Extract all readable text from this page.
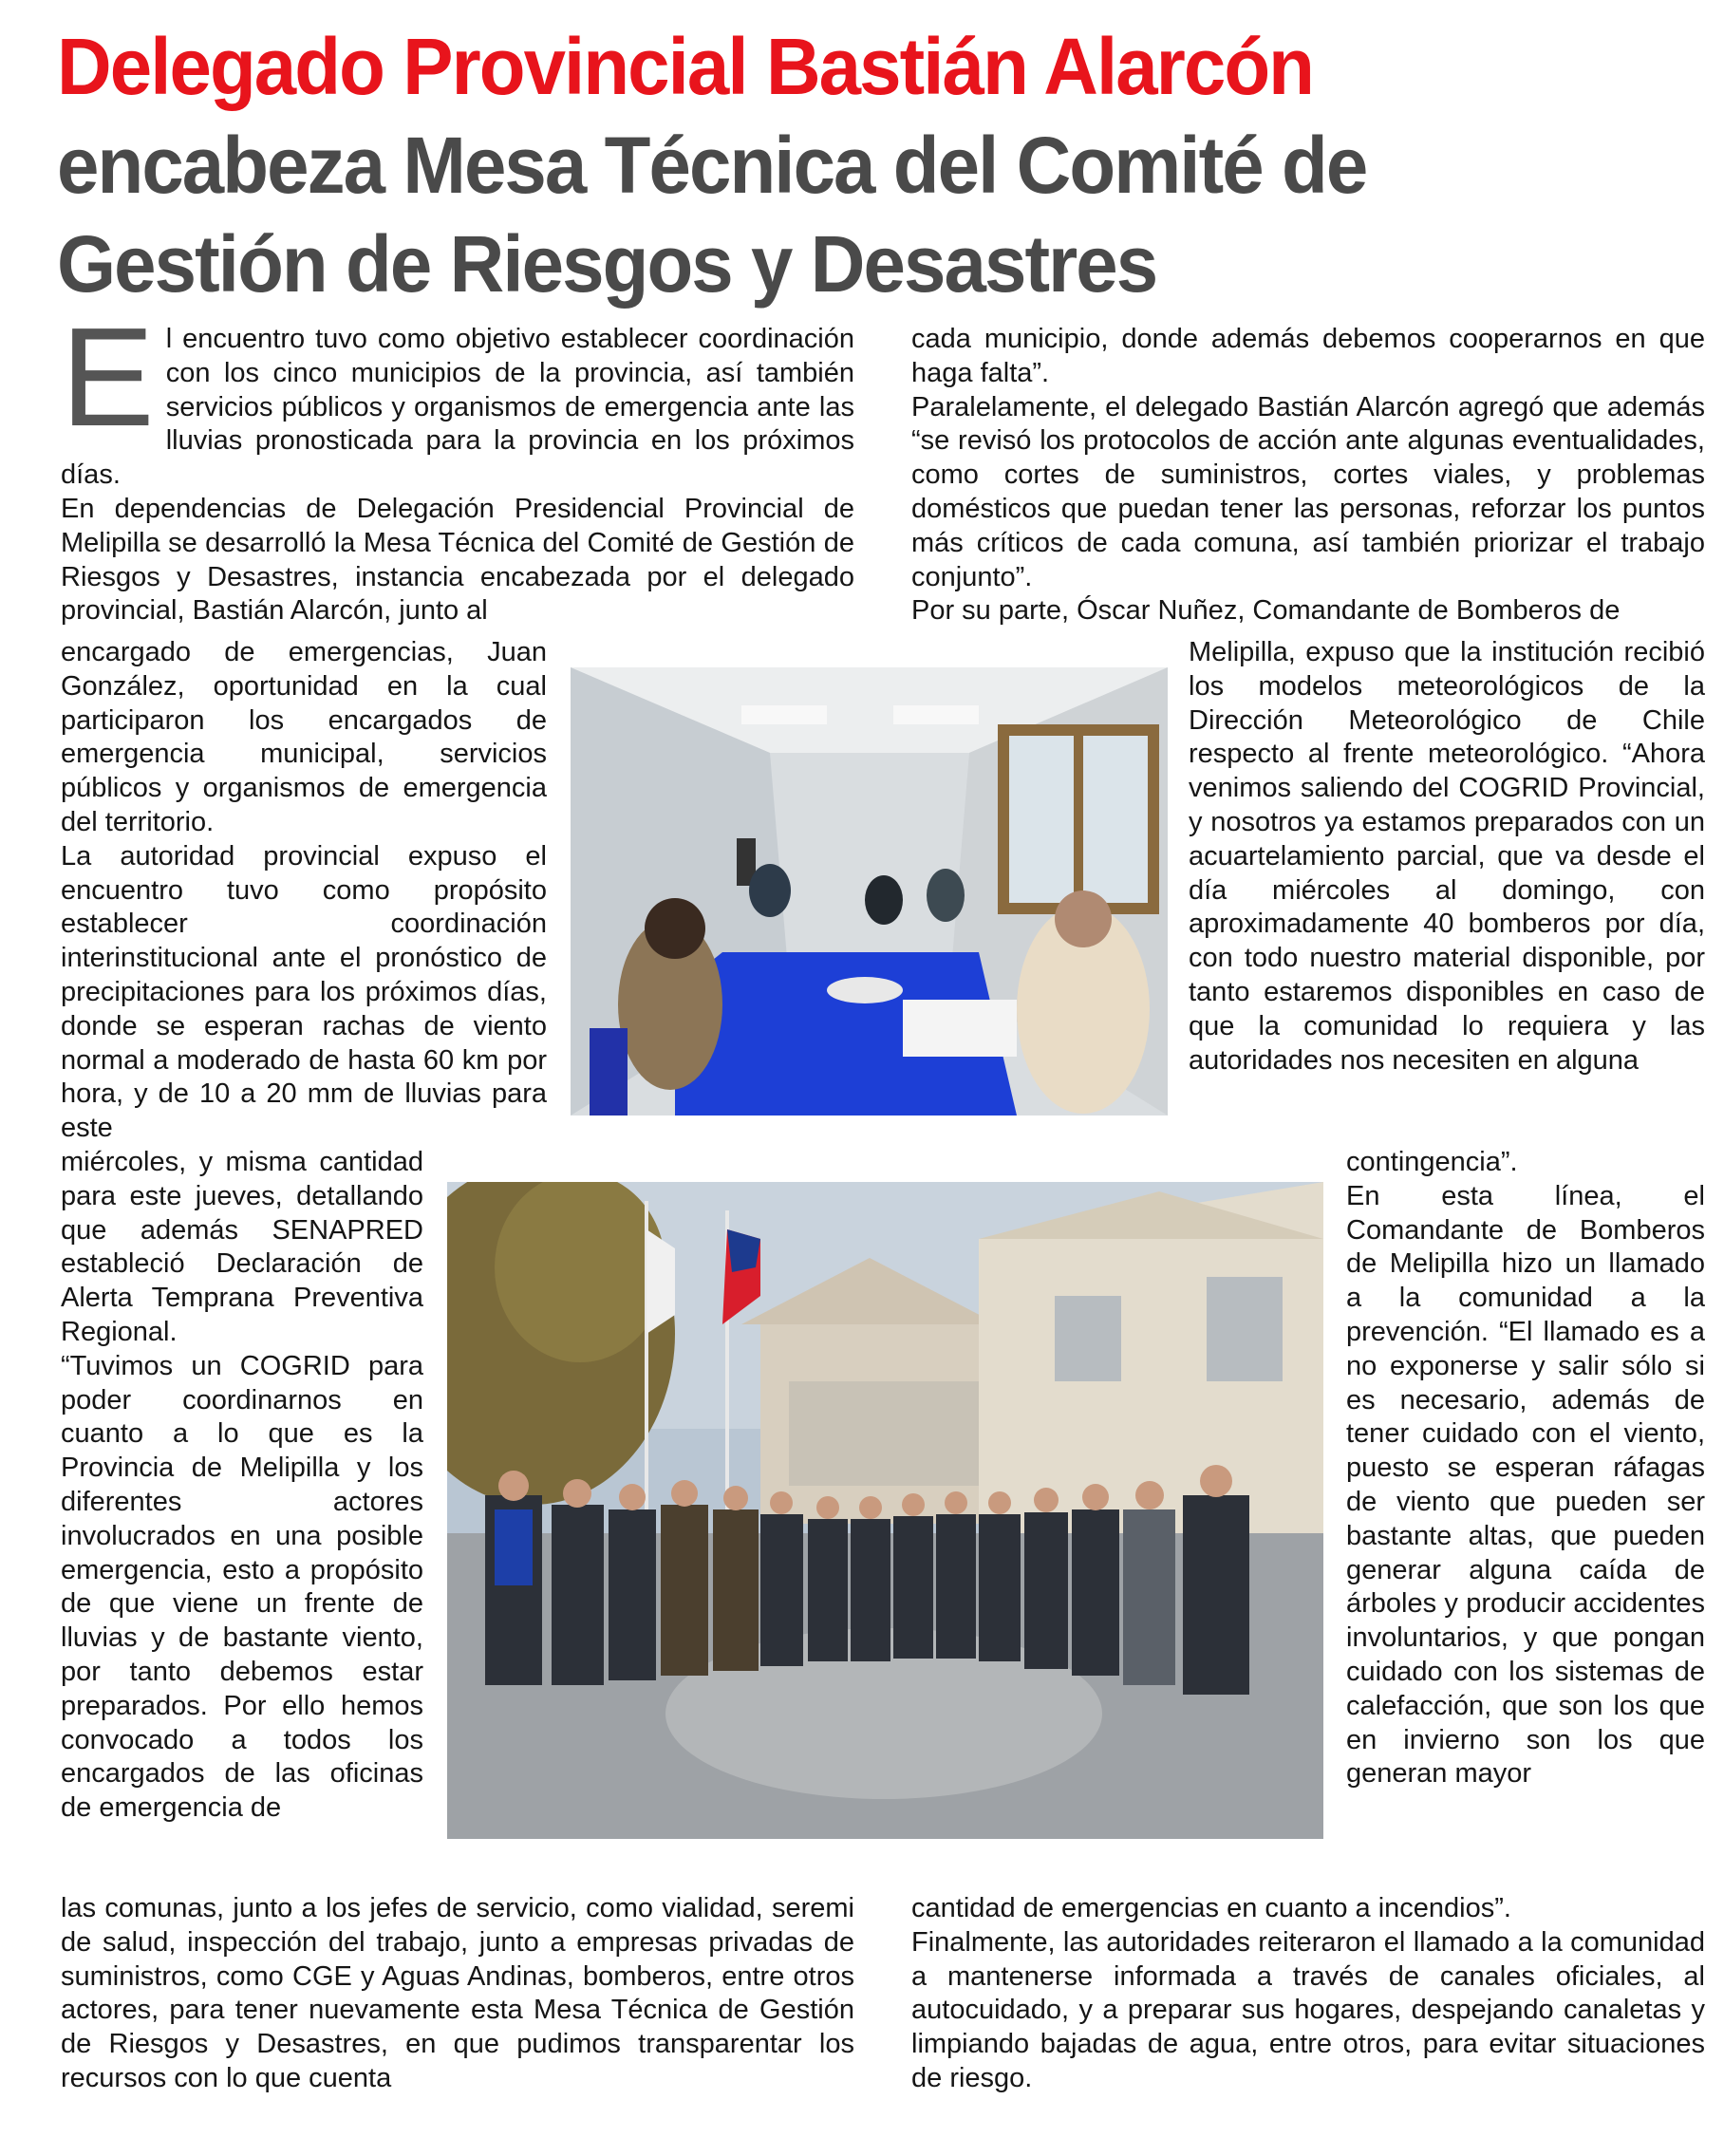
Delegado Provincial Bastián Alarcón
encabeza Mesa Técnica del Comité de
Gestión de Riesgos y Desastres
E l encuentro tuvo como objetivo establecer coordinación con los cinco municipios de la provincia, así también servicios públicos y organismos de emergencia ante las lluvias pronosticada para la provincia en los próximos días.

En dependencias de Delegación Presidencial Provincial de Melipilla se desarrolló la Mesa Técnica del Comité de Gestión de Riesgos y Desastres, instancia encabezada por el delegado provincial, Bastián Alarcón, junto al

encargado de emergencias, Juan González, oportunidad en la cual participaron los encargados de emergencia municipal, servicios públicos y organismos de emergencia del territorio.

La autoridad provincial expuso el encuentro tuvo como propósito establecer coordinación interinstitucional ante el pronóstico de precipitaciones para los próximos días, donde se esperan rachas de viento normal a moderado de hasta 60 km por hora, y de 10 a 20 mm de lluvias para este

miércoles, y misma cantidad para este jueves, detallando que además SENAPRED estableció Declaración de Alerta Temprana Preventiva Regional.

“Tuvimos un COGRID para poder coordinarnos en cuanto a lo que es la Provincia de Melipilla y los diferentes actores involucrados en una posible emergencia, esto a propósito de que viene un frente de lluvias y de bastante viento, por tanto debemos estar preparados. Por ello hemos convocado a todos los encargados de las oficinas de emergencia de

las comunas, junto a los jefes de servicio, como vialidad, seremi de salud, inspección del trabajo, junto a empresas privadas de suministros, como CGE y Aguas Andinas, bomberos, entre otros actores, para tener nuevamente esta Mesa Técnica de Gestión de Riesgos y Desastres, en que pudimos transparentar los recursos con lo que cuenta

cada municipio, donde además debemos cooperarnos en que haga falta”.

Paralelamente, el delegado Bastián Alarcón agregó que además “se revisó los protocolos de acción ante algunas eventualidades, como cortes de suministros, cortes viales, y problemas domésticos que puedan tener las personas, reforzar los puntos más críticos de cada comuna, así también priorizar el trabajo conjunto”.

Por su parte, Óscar Nuñez, Comandante de Bomberos de

Melipilla, expuso que la institución recibió los modelos meteorológicos de la Dirección Meteorológico de Chile respecto al frente meteorológico. “Ahora venimos saliendo del COGRID Provincial, y nosotros ya estamos preparados con un acuartelamiento parcial, que va desde el día miércoles al domingo, con aproximadamente 40 bomberos por día, con todo nuestro material disponible, por tanto estaremos disponibles en caso de que la comunidad lo requiera y las autoridades nos necesiten en alguna

contingencia”.

En esta línea, el Comandante de Bomberos de Melipilla hizo un llamado a la comunidad a la prevención. “El llamado es a no exponerse y salir sólo si es necesario, además de tener cuidado con el viento, puesto se esperan ráfagas de viento que pueden ser bastante altas, que pueden generar alguna caída de árboles y producir accidentes involuntarios, y que pongan cuidado con los sistemas de calefacción, que son los que en invierno son los que generan mayor

cantidad de emergencias en cuanto a incendios”.

Finalmente, las autoridades reiteraron el llamado a la comunidad a mantenerse informada a través de canales oficiales, al autocuidado, y a preparar sus hogares, despejando canaletas y limpiando bajadas de agua, entre otros, para evitar situaciones de riesgo.
